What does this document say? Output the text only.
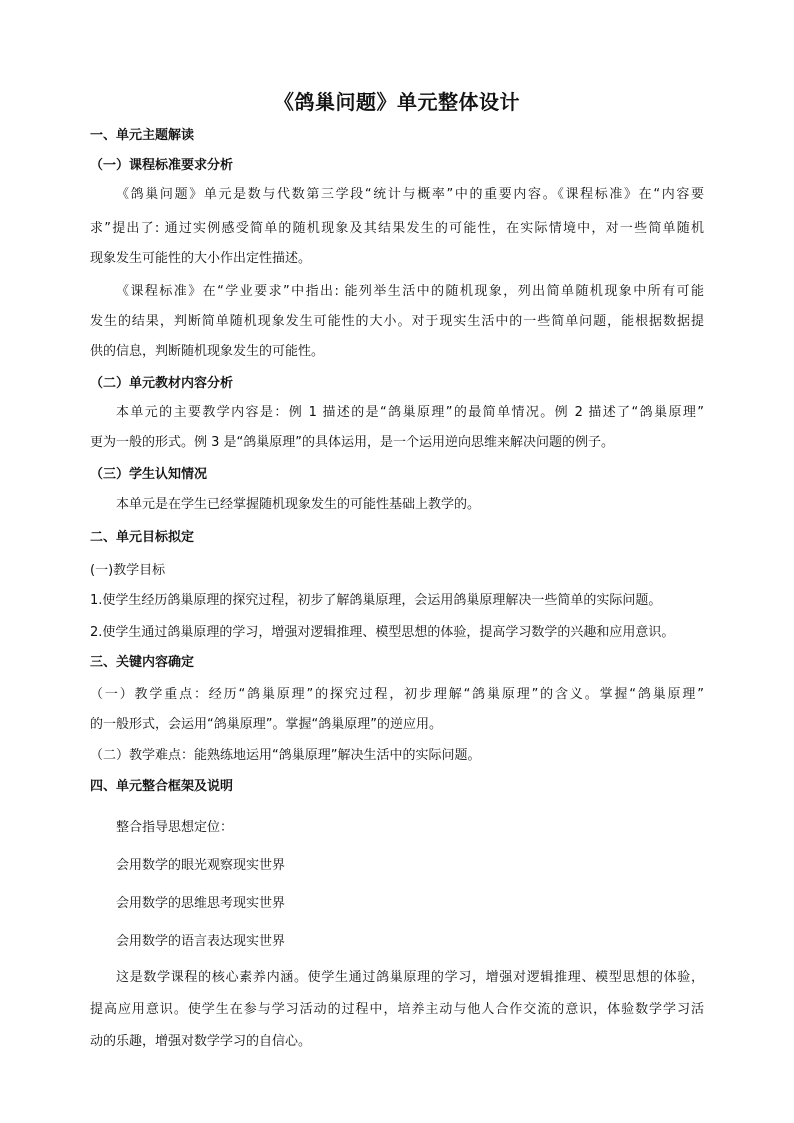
《鸽巢问题》单元整体设计
一、单元主题解读
（一）课程标准要求分析
《鸽巢问题》单元是数与代数第三学段“统计与概率”中的重要内容。《课程标准》在“内容要
求”提出了: 通过实例感受简单的随机现象及其结果发生的可能性，在实际情境中，对一些简单随机
现象发生可能性的大小作出定性描述。
《课程标准》在“学业要求”中指出: 能列举生活中的随机现象，列出简单随机现象中所有可能
发生的结果，判断简单随机现象发生可能性的大小。对于现实生活中的一些简单问题，能根据数据提
供的信息，判断随机现象发生的可能性。
（二）单元教材内容分析
本单元的主要教学内容是：例 1 描述的是“鸽巢原理”的最简单情况。例 2 描述了“鸽巢原理”
更为一般的形式。例 3 是“鸽巢原理”的具体运用，是一个运用逆向思维来解决问题的例子。
（三）学生认知情况
本单元是在学生已经掌握随机现象发生的可能性基础上教学的。
二、单元目标拟定
(一)教学目标
1.使学生经历鸽巢原理的探究过程，初步了解鸽巢原理，会运用鸽巢原理解决一些简单的实际问题。
2.使学生通过鸽巢原理的学习，增强对逻辑推理、模型思想的体验，提高学习数学的兴趣和应用意识。
三、关键内容确定
（一）教学重点：经历“鸽巢原理”的探究过程，初步理解“鸽巢原理”的含义。掌握“鸽巢原理”
的一般形式，会运用“鸽巢原理”。掌握“鸽巢原理”的逆应用。
（二）教学难点：能熟练地运用“鸽巢原理”解决生活中的实际问题。
四、单元整合框架及说明
整合指导思想定位：
会用数学的眼光观察现实世界
会用数学的思维思考现实世界
会用数学的语言表达现实世界
这是数学课程的核心素养内涵。使学生通过鸽巢原理的学习，增强对逻辑推理、模型思想的体验，
提高应用意识。使学生在参与学习活动的过程中，培养主动与他人合作交流的意识，体验数学学习活
动的乐趣，增强对数学学习的自信心。
